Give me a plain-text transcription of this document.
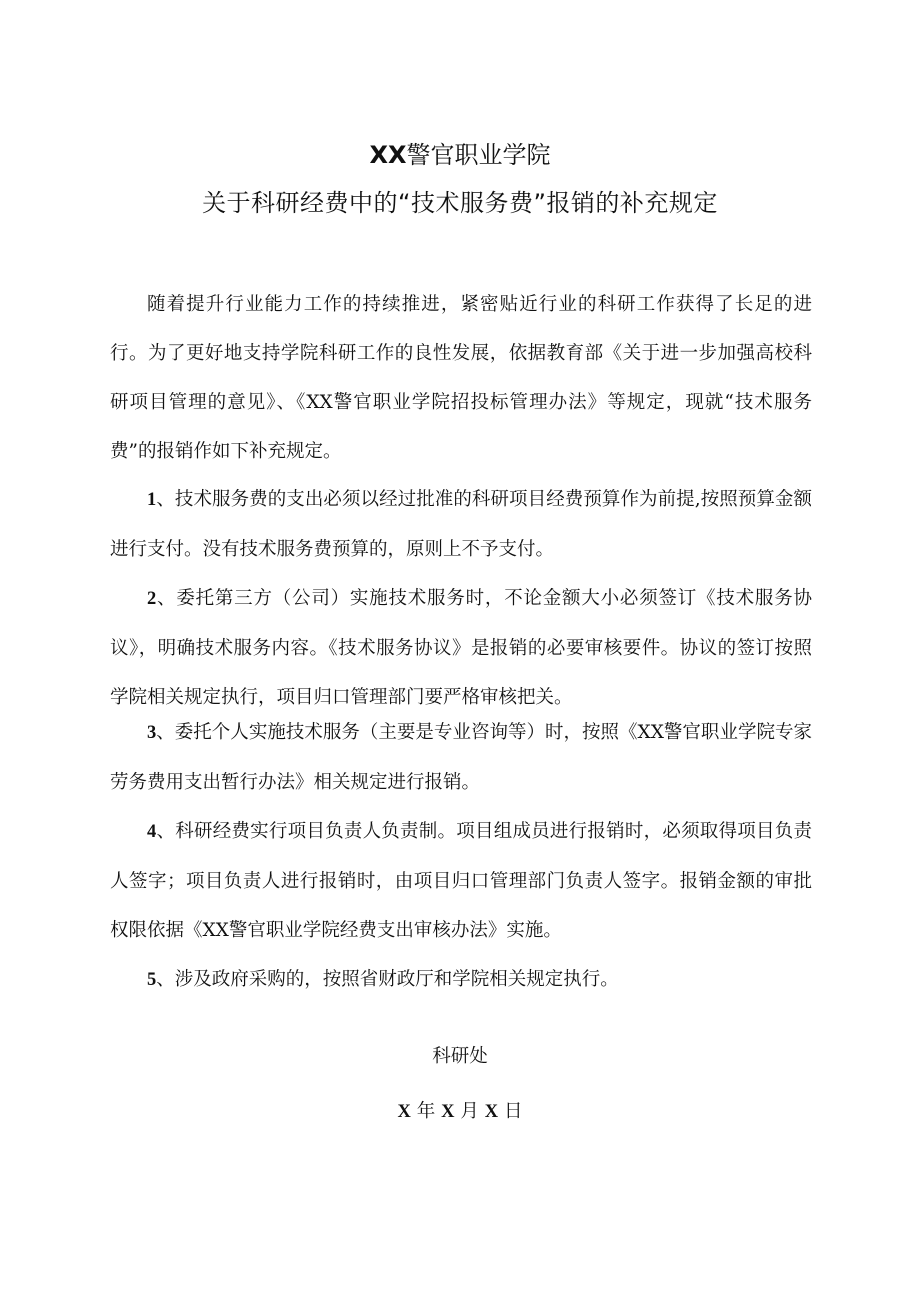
XX警官职业学院
关于科研经费中的“技术服务费”报销的补充规定
随着提升行业能力工作的持续推进，紧密贴近行业的科研工作获得了长足的进行。为了更好地支持学院科研工作的良性发展，依据教育部《关于进一步加强高校科研项目管理的意见》、《XX警官职业学院招投标管理办法》等规定，现就“技术服务费”的报销作如下补充规定。
1、技术服务费的支出必须以经过批准的科研项目经费预算作为前提,按照预算金额进行支付。没有技术服务费预算的，原则上不予支付。
2、委托第三方（公司）实施技术服务时，不论金额大小必须签订《技术服务协议》，明确技术服务内容。《技术服务协议》是报销的必要审核要件。协议的签订按照学院相关规定执行，项目归口管理部门要严格审核把关。
3、委托个人实施技术服务（主要是专业咨询等）时，按照《XX警官职业学院专家劳务费用支出暂行办法》相关规定进行报销。
4、科研经费实行项目负责人负责制。项目组成员进行报销时，必须取得项目负责人签字；项目负责人进行报销时，由项目归口管理部门负责人签字。报销金额的审批权限依据《XX警官职业学院经费支出审核办法》实施。
5、涉及政府采购的，按照省财政厅和学院相关规定执行。
科研处
X 年 X 月 X 日
